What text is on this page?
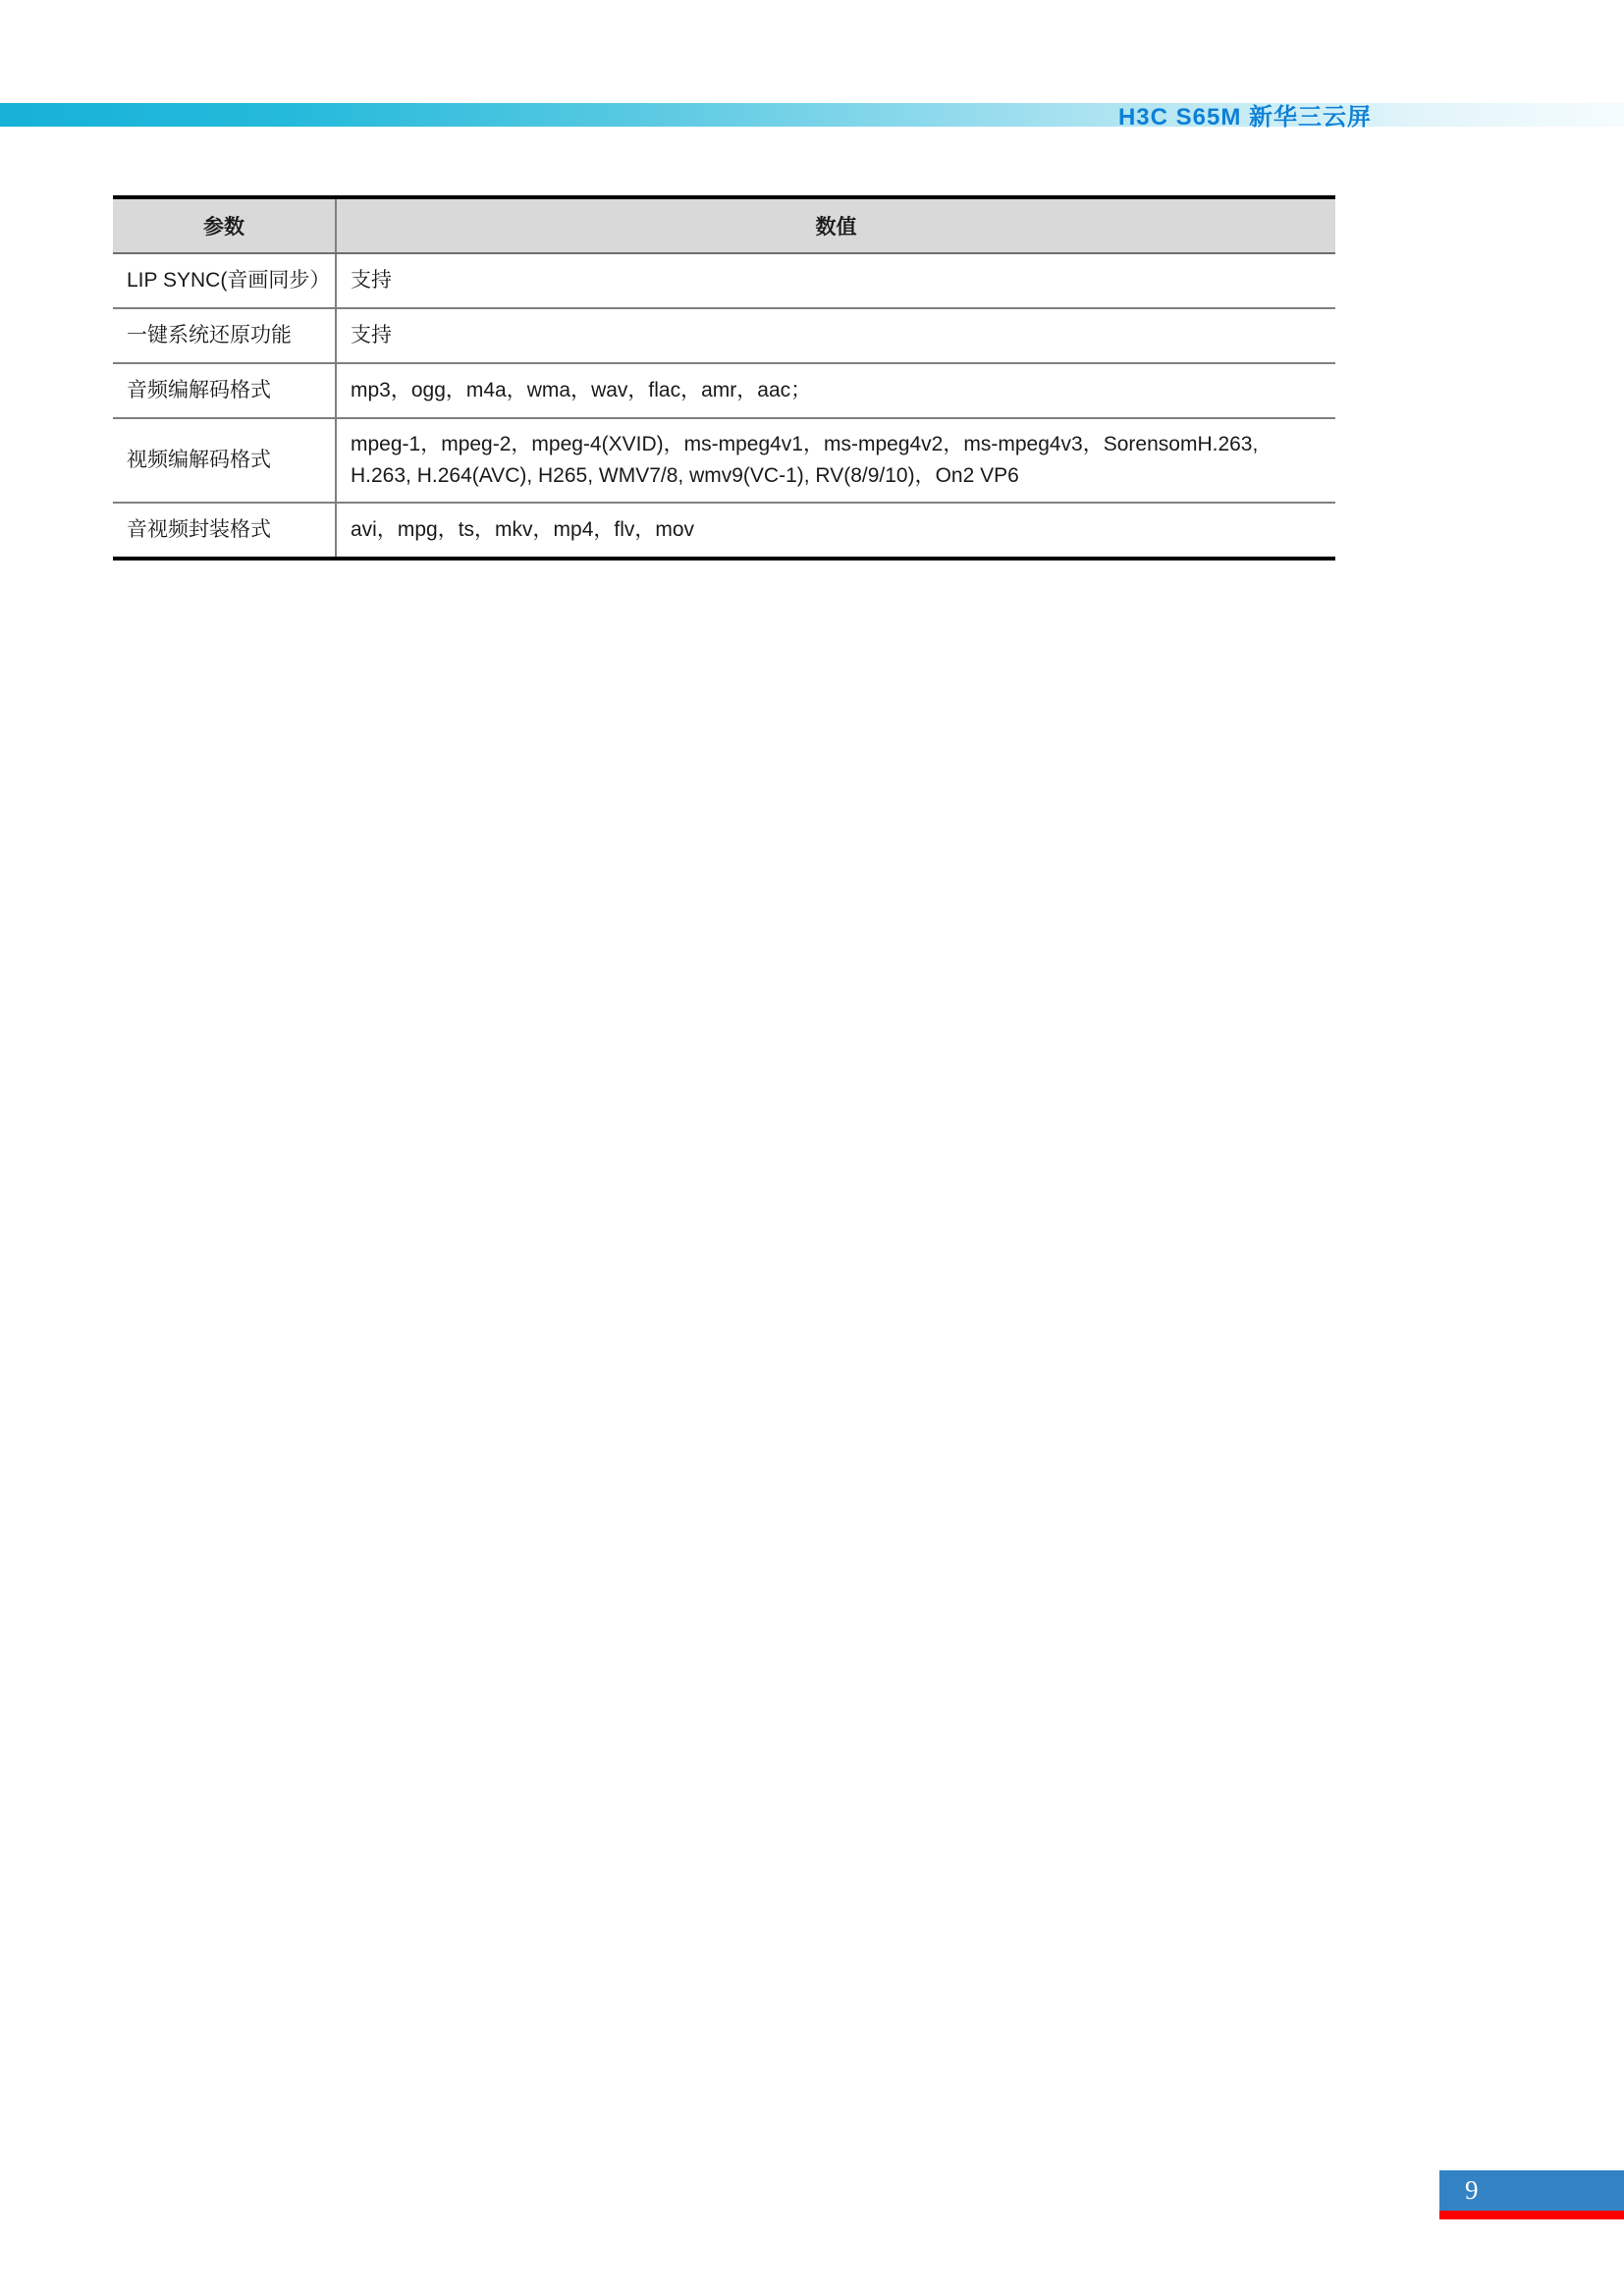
H3C S65M 新华三云屏
参数	数值
LIP SYNC(音画同步）	支持
一键系统还原功能	支持
音频编解码格式	mp3，ogg，m4a，wma，wav，flac，amr，aac；
视频编解码格式	mpeg-1，mpeg-2，mpeg-4(XVID)，ms-mpeg4v1，ms-mpeg4v2，ms-mpeg4v3，SorensomH.263, H.263, H.264(AVC), H265, WMV7/8, wmv9(VC-1), RV(8/9/10)，On2 VP6
音视频封装格式	avi，mpg，ts，mkv，mp4，flv，mov
9
